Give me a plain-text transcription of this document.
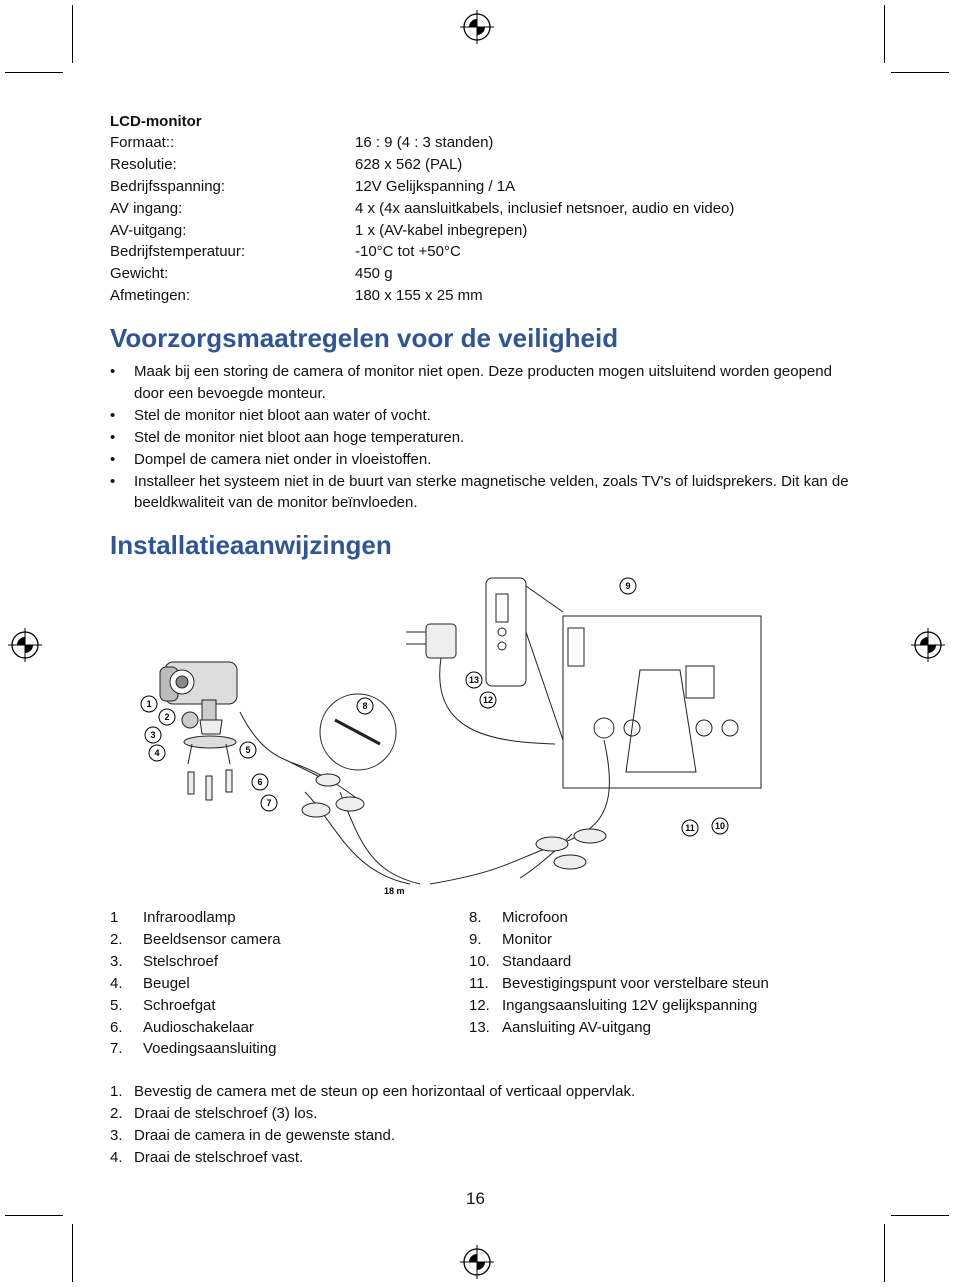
LCD-monitor
Formaat::	16 : 9 (4 : 3 standen)
Resolutie:	628 x 562 (PAL)
Bedrijfsspanning:	12V Gelijkspanning / 1A
AV ingang:	4 x (4x aansluitkabels, inclusief netsnoer, audio en video)
AV-uitgang:	1 x (AV-kabel inbegrepen)
Bedrijfstemperatuur:	-10°C tot +50°C
Gewicht:	450 g
Afmetingen:	180 x 155 x 25 mm
Voorzorgsmaatregelen voor de veiligheid
• Maak bij een storing de camera of monitor niet open. Deze producten mogen uitsluitend worden geopend door een bevoegde monteur.
• Stel de monitor niet bloot aan water of vocht.
• Stel de monitor niet bloot aan hoge temperaturen.
• Dompel de camera niet onder in vloeistoffen.
• Installeer het systeem niet in de buurt van sterke magnetische velden, zoals TV's of luidsprekers. Dit kan de beeldkwaliteit van de monitor beïnvloeden.
Installatieaanwijzingen
1
2
3
4	5
6
7
8
9
10
11
12
13
18 m
1 Infraroodlamp
2. Beeldsensor camera
3. Stelschroef
4. Beugel
5. Schroefgat
6. Audioschakelaar
7. Voedingsaansluiting
8. Microfoon
9. Monitor
10. Standaard
11. Bevestigingspunt voor verstelbare steun
12. Ingangsaansluiting 12V gelijkspanning
13. Aansluiting AV-uitgang
1. Bevestig de camera met de steun op een horizontaal of verticaal oppervlak.
2. Draai de stelschroef (3) los.
3. Draai de camera in de gewenste stand.
4. Draai de stelschroef vast.
16
